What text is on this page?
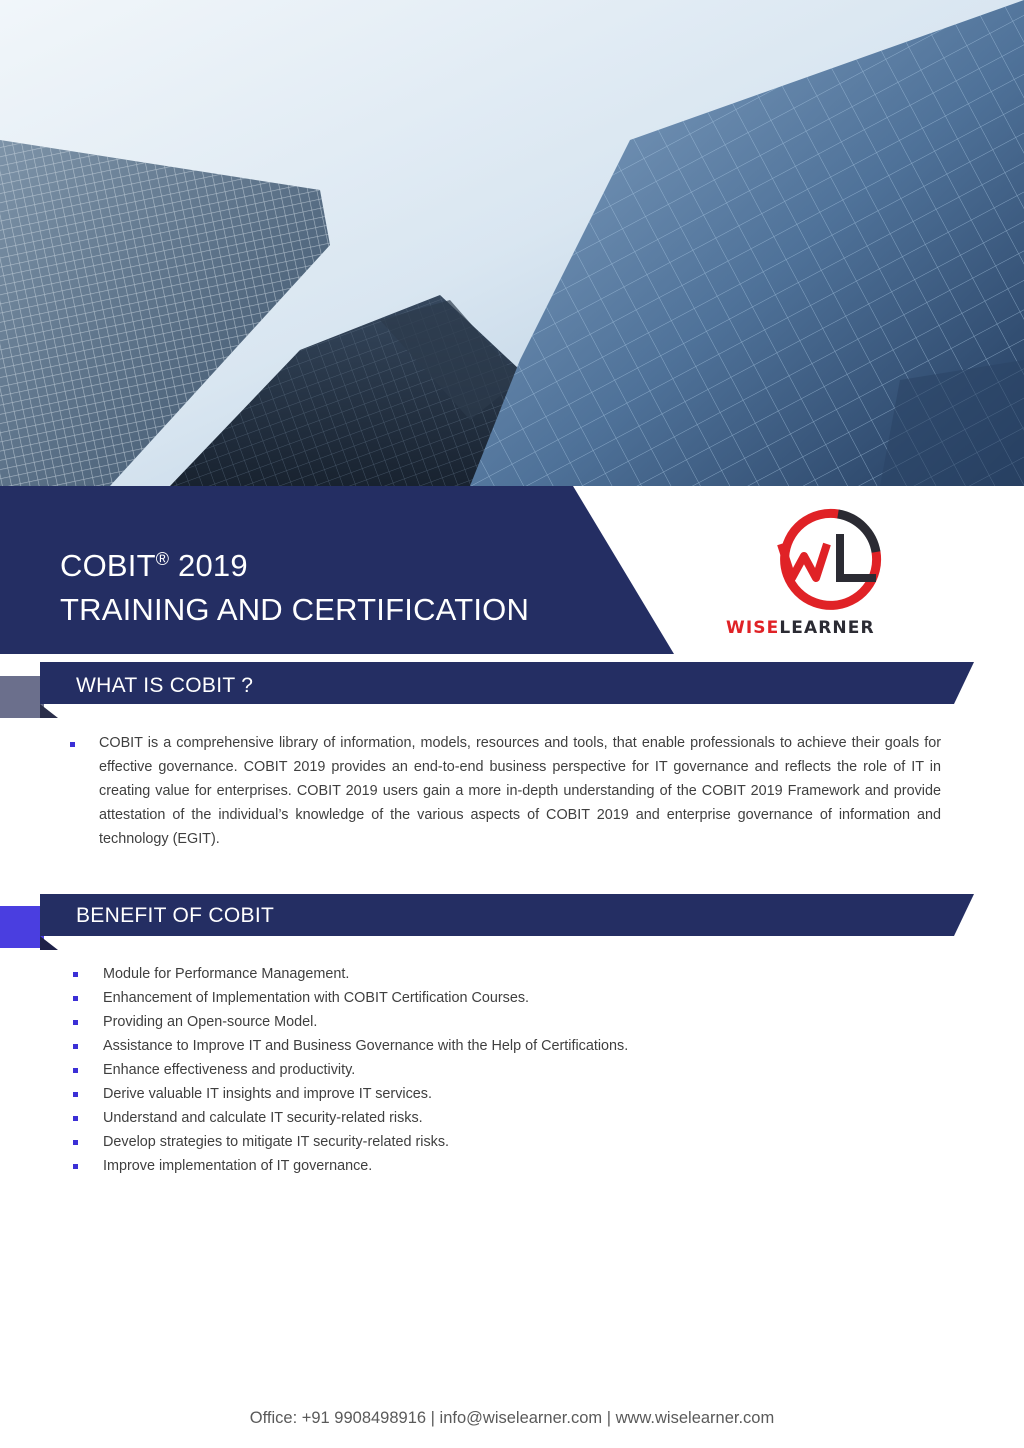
COBIT® 2019
TRAINING AND CERTIFICATION
WISELEARNER
WHAT IS COBIT ?
COBIT is a comprehensive library of information, models, resources and tools, that enable professionals to achieve their goals for effective governance. COBIT 2019 provides an end-to-end business perspective for IT governance and reflects the role of IT in creating value for enterprises. COBIT 2019 users gain a more in-depth understanding of the COBIT 2019 Framework and provide attestation of the individual’s knowledge of the various aspects of COBIT 2019 and enterprise governance of information and technology (EGIT).
BENEFIT OF COBIT
Module for Performance Management.
Enhancement of Implementation with COBIT Certification Courses.
Providing an Open-source Model.
Assistance to Improve IT and Business Governance with the Help of Certifications.
Enhance effectiveness and productivity.
Derive valuable IT insights and improve IT services.
Understand and calculate IT security-related risks.
Develop strategies to mitigate IT security-related risks.
Improve implementation of IT governance.
Office: +91 9908498916 | info@wiselearner.com | www.wiselearner.com
